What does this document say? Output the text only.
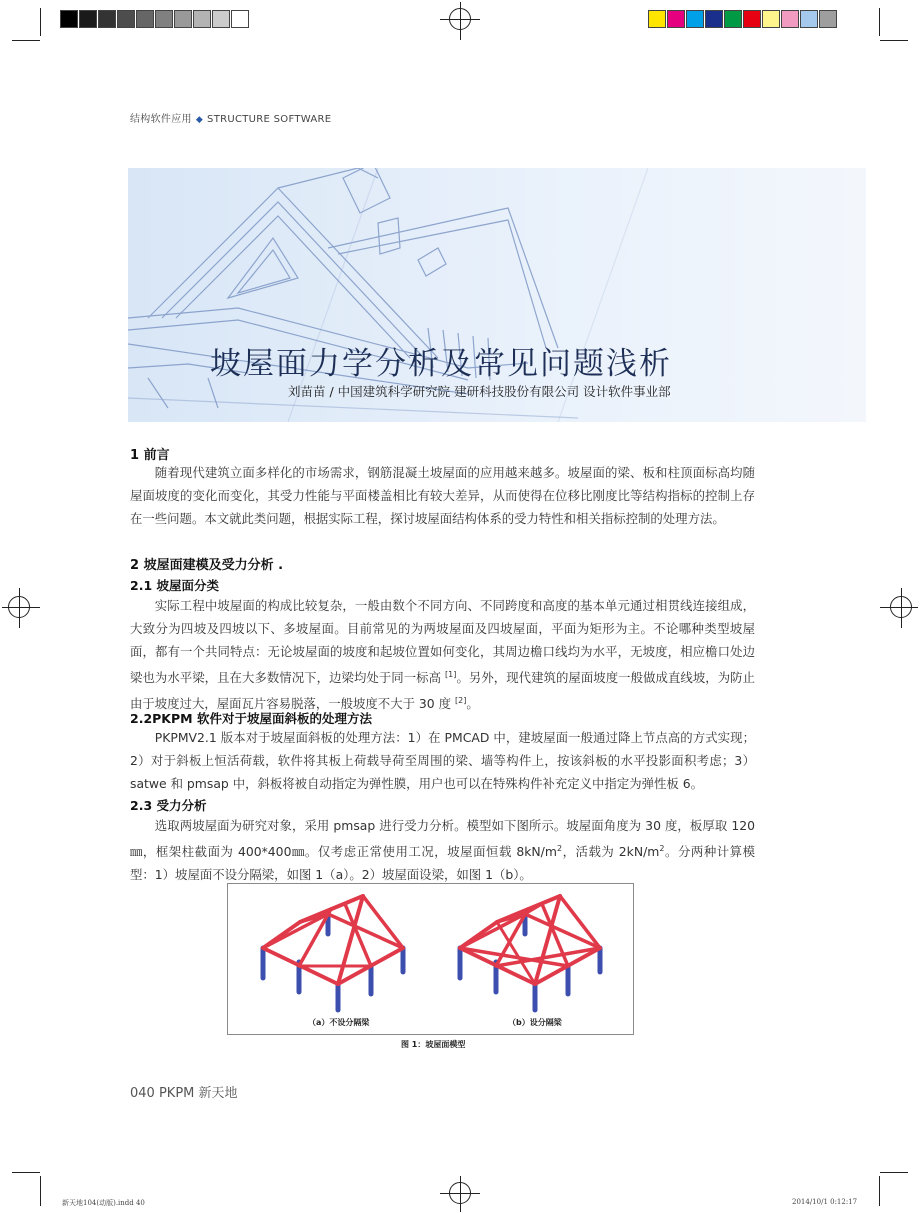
结构软件应用 ◆ STRUCTURE SOFTWARE
坡屋面力学分析及常见问题浅析
刘苗苗 / 中国建筑科学研究院 建研科技股份有限公司 设计软件事业部
1 前言

随着现代建筑立面多样化的市场需求，钢筋混凝土坡屋面的应用越来越多。坡屋面的梁、板和柱顶面标高均随屋面坡度的变化而变化，其受力性能与平面楼盖相比有较大差异，从而使得在位移比刚度比等结构指标的控制上存在一些问题。本文就此类问题，根据实际工程，探讨坡屋面结构体系的受力特性和相关指标控制的处理方法。

2 坡屋面建模及受力分析 .
2.1 坡屋面分类

实际工程中坡屋面的构成比较复杂，一般由数个不同方向、不同跨度和高度的基本单元通过相贯线连接组成，大致分为四坡及四坡以下、多坡屋面。目前常见的为两坡屋面及四坡屋面，平面为矩形为主。不论哪种类型坡屋面，都有一个共同特点：无论坡屋面的坡度和起坡位置如何变化，其周边檐口线均为水平，无坡度，相应檐口处边梁也为水平梁，且在大多数情况下，边梁均处于同一标高 [1]。另外，现代建筑的屋面坡度一般做成直线坡，为防止由于坡度过大，屋面瓦片容易脱落，一般坡度不大于 30 度 [2]。

2.2PKPM 软件对于坡屋面斜板的处理方法

PKPMV2.1 版本对于坡屋面斜板的处理方法：1）在 PMCAD 中，建坡屋面一般通过降上节点高的方式实现；2）对于斜板上恒活荷载，软件将其板上荷载导荷至周围的梁、墙等构件上，按该斜板的水平投影面积考虑；3）satwe 和 pmsap 中，斜板将被自动指定为弹性膜，用户也可以在特殊构件补充定义中指定为弹性板 6。

2.3 受力分析

选取两坡屋面为研究对象，采用 pmsap 进行受力分析。模型如下图所示。坡屋面角度为 30 度，板厚取 120㎜，框架柱截面为 400*400㎜。仅考虑正常使用工况，坡屋面恒载 $8kN/m^2$，活载为 $2kN/m^2$。分两种计算模型：1）坡屋面不设分隔梁，如图 1（a）。2）坡屋面设梁，如图 1（b）。

（a）不设分隔梁	（b）设分隔梁
图 1：坡屋面模型
040 PKPM 新天地
新天地104(动版).indd 40	2014/10/1 0:12:17
